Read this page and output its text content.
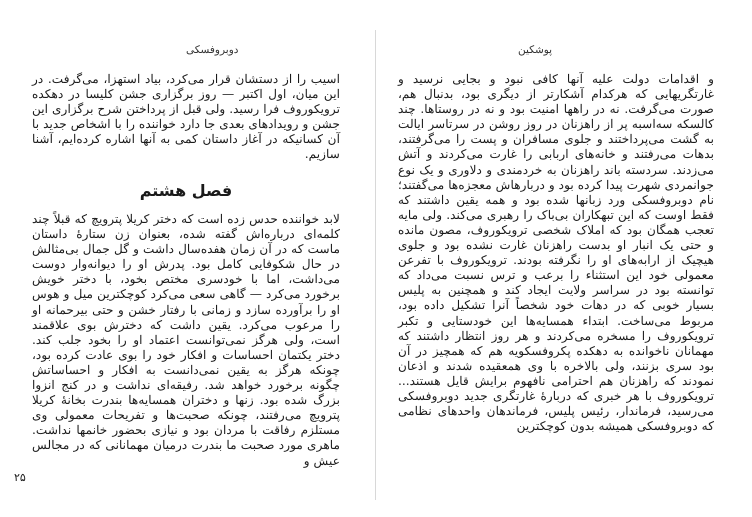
دوبروفسکی

اسیب را از دستشان قرار می‌کرد، بیاد استهزا، می‌گرفت. در این میان، اول اکتبر — روز برگزاری جشن کلیسا در دهکده ترویکوروف فرا رسید. ولی قبل از پرداختن شرح برگزاری این جشن و رویدادهای بعدی جا دارد خواننده را با اشخاص جدید با آن کسانیکه در آغاز داستان کمی به آنها اشاره کرده‌ایم، آشنا سازیم.

فصل هشتم

لابد خواننده حدس زده است که دختر کریلا پترویچ که قبلاً چند کلمه‌ای درباره‌اش گفته شده، بعنوان زن ستارهٔ داستان ماست که در آن زمان هفده‌سال داشت و گل جمال بی‌مثالش در حال شکوفایی کامل بود. پدرش او را دیوانه‌وار دوست می‌داشت، اما با خودسری مختص بخود، با دختر خویش برخورد می‌کرد — گاهی سعی می‌کرد کوچکترین میل و هوس او را برآورده سازد و زمانی با رفتار خشن و حتی بیرحمانه او را مرعوب می‌کرد. یقین داشت که دخترش بوی علاقمند است، ولی هرگز نمی‌توانست اعتماد او را بخود جلب کند. دختر یکتمان احساسات و افکار خود را بوی عادت کرده بود، چونکه هرگز به یقین نمی‌دانست به افکار و احساساتش چگونه برخورد خواهد شد. رفیقه‌ای نداشت و در کنج انزوا بزرگ شده بود. زنها و دختران همسایه‌ها بندرت بخانهٔ کریلا پترویچ می‌رفتند، چونکه صحبت‌ها و تفریحات معمولی وی مستلزم رفاقت با مردان بود و نیازی بحضور خانمها نداشت. ماهری مورد صحبت ما بندرت درمیان مهمانانی که در مجالس عیش و

۲۵
پوشکین

و اقدامات دولت علیه آنها کافی نبود و بجایی نرسید و غارتگریهایی که هرکدام آشکارتر از دیگری بود، بدنبال هم، صورت می‌گرفت. نه در راهها امنیت بود و نه در روستاها. چند کالسکه سه‌اسبه پر از راهزنان در روز روشن در سرتاسر ایالت به گشت می‌پرداختند و جلوی مسافران و پست را می‌گرفتند، بدهات می‌رفتند و خانه‌های اربابی را غارت می‌کردند و آتش می‌زدند. سردسته باند راهزنان به خردمندی و دلاوری و یک نوع جوانمردی شهرت پیدا کرده بود و دربارهاش معجزه‌ها می‌گفتند؛ نام دوبروفسکی ورد زبانها شده بود و همه یقین داشتند که فقط اوست که این تبهکاران بی‌باک را رهبری می‌کند. ولی مایه تعجب همگان بود که املاک شخصی ترویکوروف، مصون مانده و حتی یک انبار او بدست راهزنان غارت نشده بود و جلوی هیچیک از ارابه‌های او را نگرفته بودند. ترویکوروف با تفرعن معمولی خود این استثناء را برعب و ترس نسبت می‌داد که توانسته بود در سراسر ولایت ایجاد کند و همچنین به پلیس بسیار خوبی که در دهات خود شخصاً آنرا تشکیل داده بود، مربوط می‌ساخت. ابتداء همسایه‌ها این خودستایی و تکبر ترویکوروف را مسخره می‌کردند و هر روز انتظار داشتند که مهمانان ناخوانده به دهکده پکروفسکویه هم که همچیز در آن بود سری بزنند، ولی بالاخره با وی همعقیده شدند و اذعان نمودند که راهزنان هم احترامی نافهوم برایش قایل هستند... ترویکوروف با هر خبری که دربارهٔ غارتگری جدید دوبروفسکی می‌رسید، فرماندار، رئیس پلیس، فرماندهان واحدهای نظامی که دوبروفسکی همیشه بدون کوچکترین
